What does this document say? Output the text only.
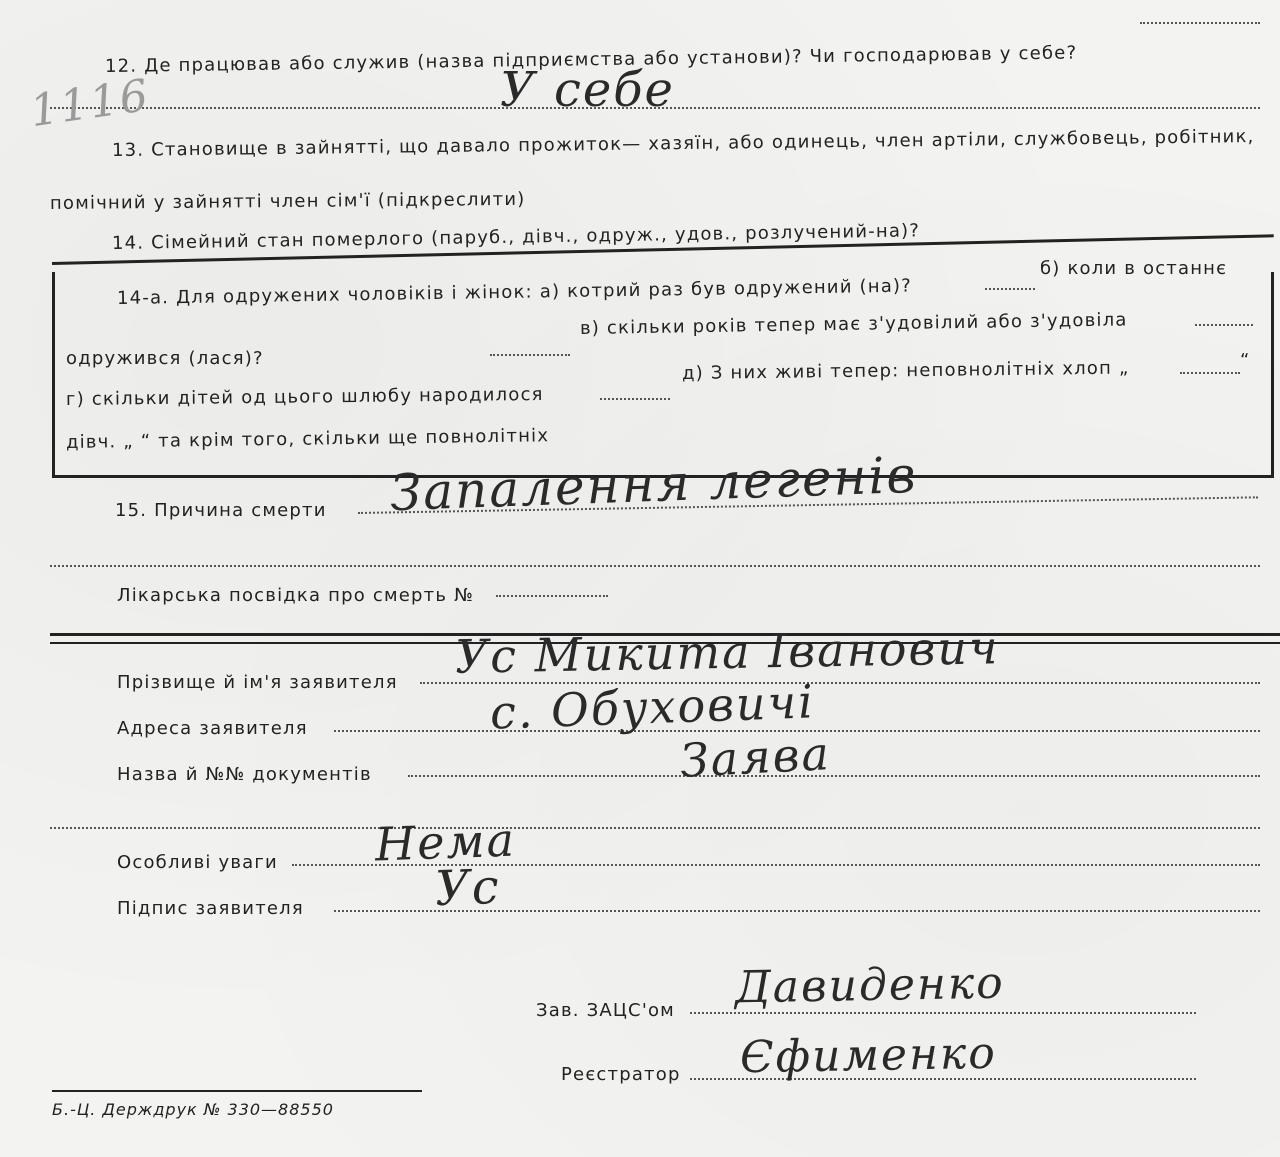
12. Де працював або служив (назва підприємства або установи)? Чи господарював у себе?
У себе
1116
13. Становище в зайнятті, що давало прожиток— хазяїн, або одинець, член артіли, службовець, робітник,
помічний у зайнятті член сім'ї (підкреслити)
14. Сімейний стан померлого (паруб., дівч., одруж., удов., розлучений-на)?
14-а. Для одружених чоловіків і жінок: а) котрий раз був одружений (на)?
б) коли в останнє
одружився (лася)?
в) скільки років тепер має з'удовілий або з'удовіла
г) скільки дітей од цього шлюбу народилося
д) З них живі тепер: неповнолітніх хлоп „	“
дівч. „ “ та крім того, скільки ще повнолітніх
15. Причина смерти Запалення легенів
Лікарська посвідка про смерть №
Прізвище й ім'я заявителя Ус Микита Іванович
Адреса заявителя	с. Обуховичі
Назва й №№ документів	Заява
Особливі уваги Нема
Підпис заявителя	Ус
Зав. ЗАЦС'ом Давиденко
Реєстратор Єфименко
Б.-Ц. Держдрук № 330—88550
